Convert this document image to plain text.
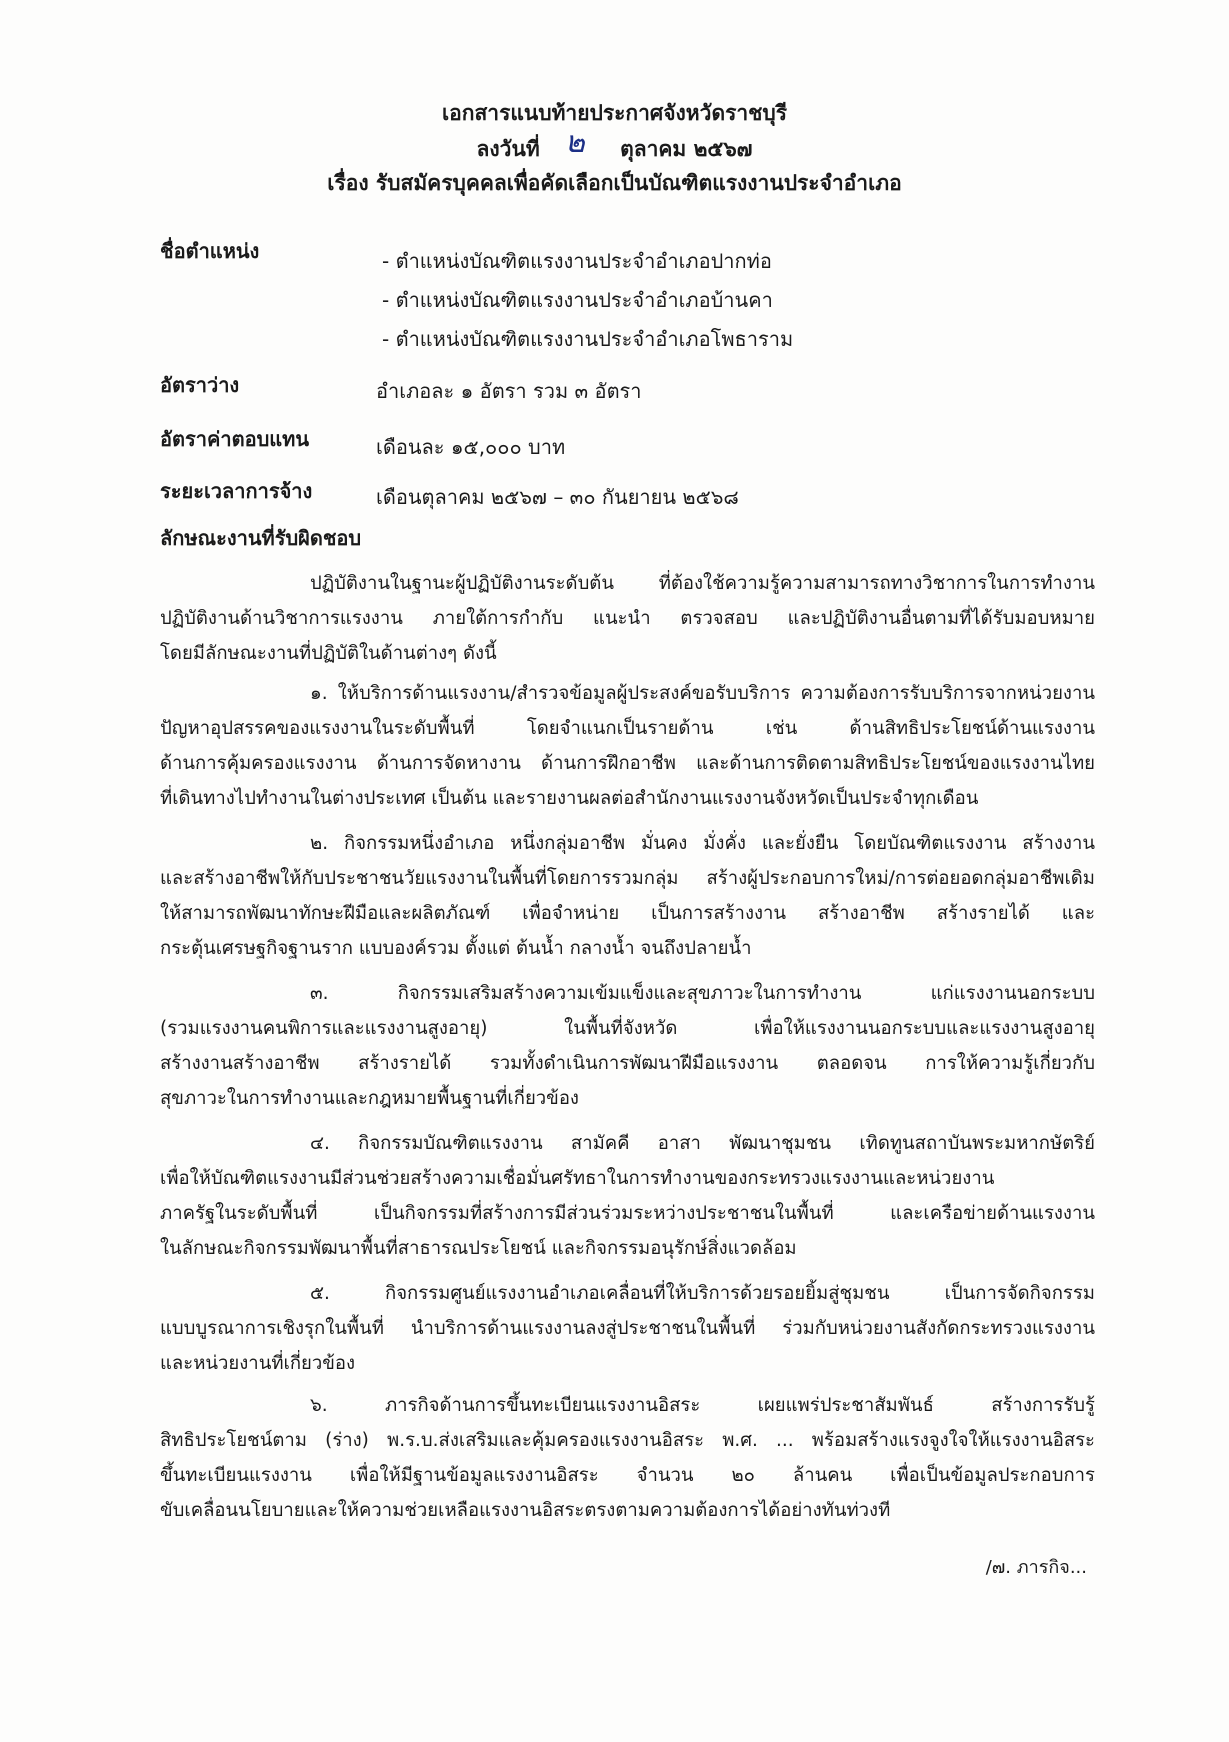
เอกสารแนบท้ายประกาศจังหวัดราชบุรี
ลงวันที่ ๒ ตุลาคม ๒๕๖๗
เรื่อง รับสมัครบุคคลเพื่อคัดเลือกเป็นบัณฑิตแรงงานประจำอำเภอ
ชื่อตำแหน่ง	- ตำแหน่งบัณฑิตแรงงานประจำอำเภอปากท่อ
- ตำแหน่งบัณฑิตแรงงานประจำอำเภอบ้านคา
- ตำแหน่งบัณฑิตแรงงานประจำอำเภอโพธาราม
อัตราว่าง	อำเภอละ ๑ อัตรา รวม ๓ อัตรา
อัตราค่าตอบแทน	เดือนละ ๑๕,๐๐๐ บาท
ระยะเวลาการจ้าง	เดือนตุลาคม ๒๕๖๗ – ๓๐ กันยายน ๒๕๖๘
ลักษณะงานที่รับผิดชอบ
ปฏิบัติงานในฐานะผู้ปฏิบัติงานระดับต้น ที่ต้องใช้ความรู้ความสามารถทางวิชาการในการทำงาน
ปฏิบัติงานด้านวิชาการแรงงาน ภายใต้การกำกับ แนะนำ ตรวจสอบ และปฏิบัติงานอื่นตามที่ได้รับมอบหมาย
โดยมีลักษณะงานที่ปฏิบัติในด้านต่างๆ ดังนี้
๑. ให้บริการด้านแรงงาน/สำรวจข้อมูลผู้ประสงค์ขอรับบริการ ความต้องการรับบริการจากหน่วยงาน
ปัญหาอุปสรรคของแรงงานในระดับพื้นที่ โดยจำแนกเป็นรายด้าน เช่น ด้านสิทธิประโยชน์ด้านแรงงาน
ด้านการคุ้มครองแรงงาน ด้านการจัดหางาน ด้านการฝึกอาชีพ และด้านการติดตามสิทธิประโยชน์ของแรงงานไทย
ที่เดินทางไปทำงานในต่างประเทศ เป็นต้น และรายงานผลต่อสำนักงานแรงงานจังหวัดเป็นประจำทุกเดือน
๒. กิจกรรมหนึ่งอำเภอ หนึ่งกลุ่มอาชีพ มั่นคง มั่งคั่ง และยั่งยืน โดยบัณฑิตแรงงาน สร้างงาน
และสร้างอาชีพให้กับประชาชนวัยแรงงานในพื้นที่โดยการรวมกลุ่ม สร้างผู้ประกอบการใหม่/การต่อยอดกลุ่มอาชีพเดิม
ให้สามารถพัฒนาทักษะฝีมือและผลิตภัณฑ์ เพื่อจำหน่าย เป็นการสร้างงาน สร้างอาชีพ สร้างรายได้ และ
กระตุ้นเศรษฐกิจฐานราก แบบองค์รวม ตั้งแต่ ต้นน้ำ กลางน้ำ จนถึงปลายน้ำ
๓. กิจกรรมเสริมสร้างความเข้มแข็งและสุขภาวะในการทำงาน แก่แรงงานนอกระบบ
(รวมแรงงานคนพิการและแรงงานสูงอายุ) ในพื้นที่จังหวัด เพื่อให้แรงงานนอกระบบและแรงงานสูงอายุ
สร้างงานสร้างอาชีพ สร้างรายได้ รวมทั้งดำเนินการพัฒนาฝีมือแรงงาน ตลอดจน การให้ความรู้เกี่ยวกับ
สุขภาวะในการทำงานและกฎหมายพื้นฐานที่เกี่ยวข้อง
๔. กิจกรรมบัณฑิตแรงงาน สามัคคี อาสา พัฒนาชุมชน เทิดทูนสถาบันพระมหากษัตริย์
เพื่อให้บัณฑิตแรงงานมีส่วนช่วยสร้างความเชื่อมั่นศรัทธาในการทำงานของกระทรวงแรงงานและหน่วยงาน
ภาครัฐในระดับพื้นที่ เป็นกิจกรรมที่สร้างการมีส่วนร่วมระหว่างประชาชนในพื้นที่ และเครือข่ายด้านแรงงาน
ในลักษณะกิจกรรมพัฒนาพื้นที่สาธารณประโยชน์ และกิจกรรมอนุรักษ์สิ่งแวดล้อม
๕. กิจกรรมศูนย์แรงงานอำเภอเคลื่อนที่ให้บริการด้วยรอยยิ้มสู่ชุมชน เป็นการจัดกิจกรรม
แบบบูรณาการเชิงรุกในพื้นที่ นำบริการด้านแรงงานลงสู่ประชาชนในพื้นที่ ร่วมกับหน่วยงานสังกัดกระทรวงแรงงาน
และหน่วยงานที่เกี่ยวข้อง
๖. ภารกิจด้านการขึ้นทะเบียนแรงงานอิสระ เผยแพร่ประชาสัมพันธ์ สร้างการรับรู้
สิทธิประโยชน์ตาม (ร่าง) พ.ร.บ.ส่งเสริมและคุ้มครองแรงงานอิสระ พ.ศ. ... พร้อมสร้างแรงจูงใจให้แรงงานอิสระ
ขึ้นทะเบียนแรงงาน เพื่อให้มีฐานข้อมูลแรงงานอิสระ จำนวน ๒๐ ล้านคน เพื่อเป็นข้อมูลประกอบการ
ขับเคลื่อนนโยบายและให้ความช่วยเหลือแรงงานอิสระตรงตามความต้องการได้อย่างทันท่วงที
/๗. ภารกิจ...
